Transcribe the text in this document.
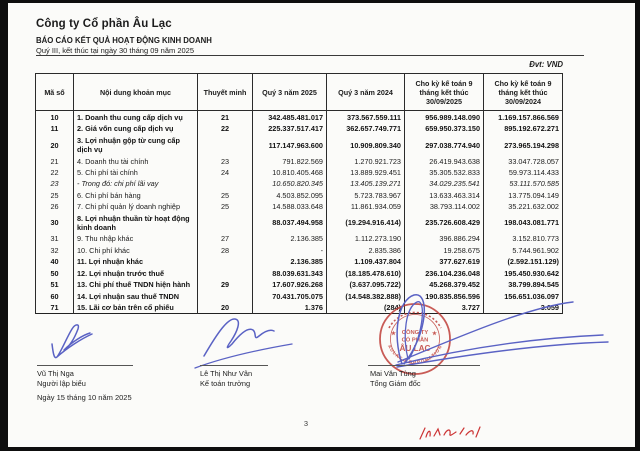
Công ty Cổ phần Âu Lạc
BÁO CÁO KẾT QUẢ HOẠT ĐỘNG KINH DOANH
Quý III, kết thúc tại ngày 30 tháng 09 năm 2025
Đvt: VND
Mã số	Nội dung khoản mục	Thuyết minh	Quý 3 năm 2025	Quý 3 năm 2024	Cho kỳ kế toán 9 tháng kết thúc 30/09/2025	Cho kỳ kế toán 9 tháng kết thúc 30/09/2024
10	1. Doanh thu cung cấp dịch vụ	21	342.485.481.017	373.567.559.111	956.989.148.090	1.169.157.866.569
11	2. Giá vốn cung cấp dịch vụ	22	225.337.517.417	362.657.749.771	659.950.373.150	895.192.672.271
20	3. Lợi nhuận gộp từ cung cấp dịch vụ		117.147.963.600	10.909.809.340	297.038.774.940	273.965.194.298
21	4. Doanh thu tài chính	23	791.822.569	1.270.921.723	26.419.943.638	33.047.728.057
22	5. Chi phí tài chính	24	10.810.405.468	13.889.929.451	35.305.532.833	59.973.114.433
23	- Trong đó: chi phí lãi vay		10.650.820.345	13.405.139.271	34.029.235.541	53.111.570.585
25	6. Chi phí bán hàng	25	4.503.852.095	5.723.783.967	13.633.463.314	13.775.094.149
26	7. Chi phí quản lý doanh nghiệp	25	14.588.033.648	11.861.934.059	38.793.114.002	35.221.632.002
30	8. Lợi nhuận thuần từ hoạt động kinh doanh		88.037.494.958	(19.294.916.414)	235.726.608.429	198.043.081.771
31	9. Thu nhập khác	27	2.136.385	1.112.273.190	396.886.294	3.152.810.773
32	10. Chi phí khác	28	-	2.835.386	19.258.675	5.744.961.902
40	11. Lợi nhuận khác		2.136.385	1.109.437.804	377.627.619	(2.592.151.129)
50	12. Lợi nhuận trước thuế		88.039.631.343	(18.185.478.610)	236.104.236.048	195.450.930.642
51	13. Chi phí thuế TNDN hiện hành	29	17.607.926.268	(3.637.095.722)	45.268.379.452	38.799.894.545
60	14. Lợi nhuận sau thuế TNDN		70.431.705.075	(14.548.382.888)	190.835.856.596	156.651.036.097
71	15. Lãi cơ bản trên cổ phiếu	20	1.376	(284)	3.727	3.059
Vũ Thị Nga
Người lập biểu
Lê Thị Như Vân
Kế toán trưởng
AULAC CORPORATION
★	★
CÔNG TY
CỔ PHẦN
ÂU LẠC
Mai Văn Tùng
Tổng Giám đốc
Ngày 15 tháng 10 năm 2025
3
